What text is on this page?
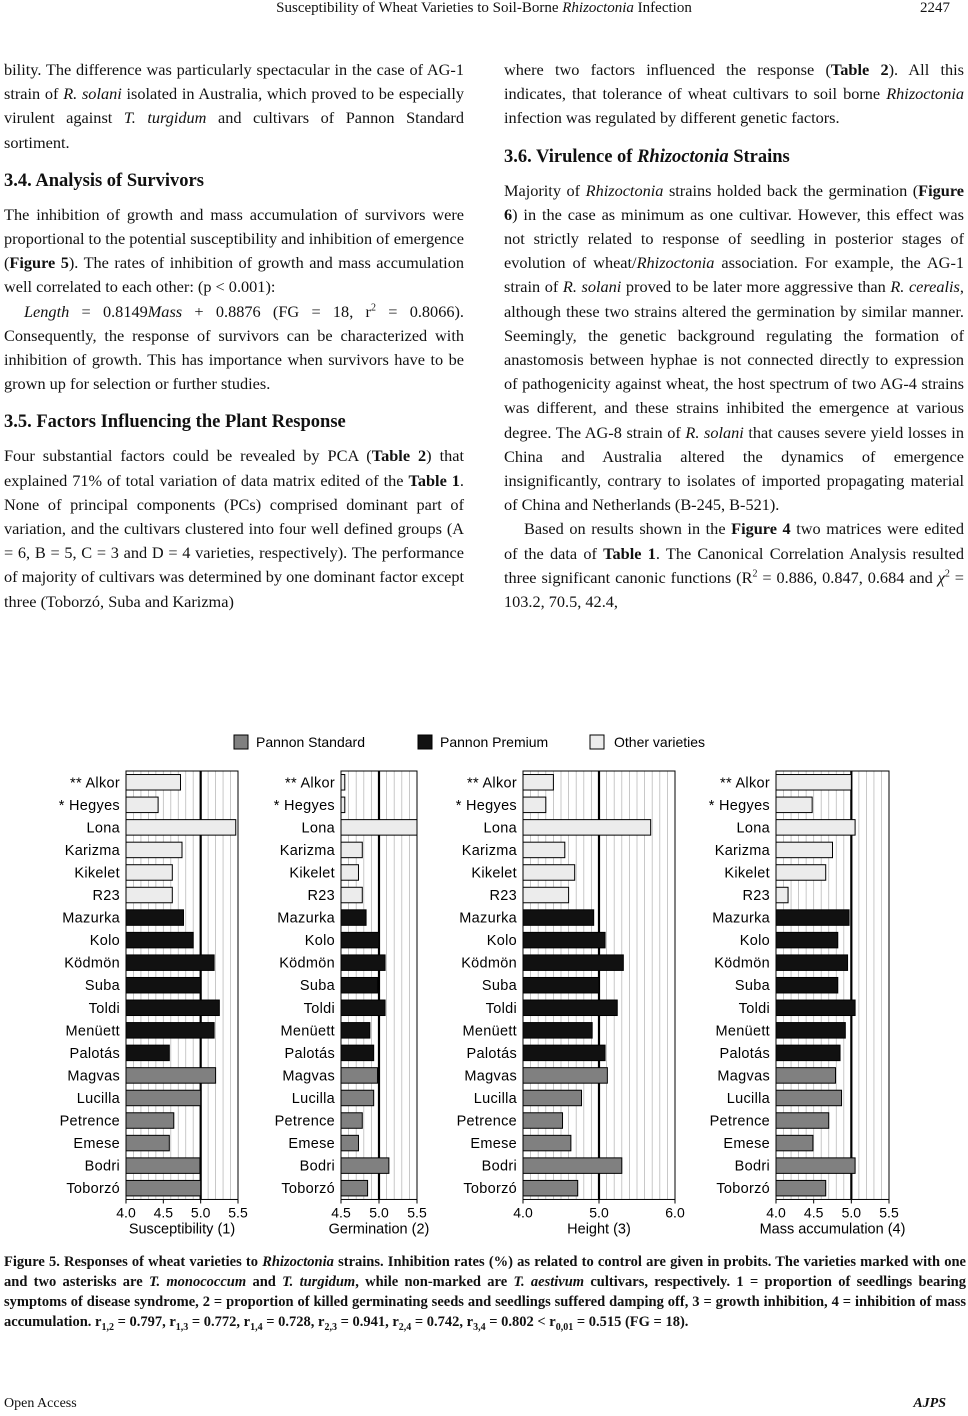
Susceptibility of Wheat Varieties to Soil-Borne Rhizoctonia Infection	2247

bility. The difference was particularly spectacular in the case of AG-1 strain of R. solani isolated in Australia, which proved to be especially virulent against T. turgidum and cultivars of Pannon Standard sortiment.

3.4. Analysis of Survivors

The inhibition of growth and mass accumulation of survivors were proportional to the potential susceptibility and inhibition of emergence (Figure 5). The rates of inhibition of growth and mass accumulation well correlated to each other: (p < 0.001):

Length = 0.8149Mass + 0.8876 (FG = 18, $r^2 = 0.8066$). Consequently, the response of survivors can be characterized with inhibition of growth. This has importance when survivors have to be grown up for selection or further studies.

3.5. Factors Influencing the Plant Response

Four substantial factors could be revealed by PCA (Table 2) that explained 71% of total variation of data matrix edited of the Table 1. None of principal components (PCs) comprised dominant part of variation, and the cultivars clustered into four well defined groups (A = 6, B = 5, C = 3 and D = 4 varieties, respectively). The performance of majority of cultivars was determined by one dominant factor except three (Toborzó, Suba and Karizma)

where two factors influenced the response (Table 2). All this indicates, that tolerance of wheat cultivars to soil borne Rhizoctonia infection was regulated by different genetic factors.

3.6. Virulence of Rhizoctonia Strains

Majority of Rhizoctonia strains holded back the germination (Figure 6) in the case as minimum as one cultivar. However, this effect was not strictly related to response of seedling in posterior stages of evolution of wheat/Rhizoctonia association. For example, the AG-1 strain of R. solani proved to be later more aggressive than R. cerealis, although these two strains altered the germination by similar manner. Seemingly, the genetic background regulating the formation of anastomosis between hyphae is not connected directly to expression of pathogenicity against wheat, the host spectrum of two AG-4 strains was different, and these strains inhibited the emergence at various degree. The AG-8 strain of R. solani that causes severe yield losses in China and Australia altered the dynamics of emergence insignificantly, contrary to isolates of imported propagating material of China and Netherlands (B-245, B-521).

Based on results shown in the Figure 4 two matrices were edited of the data of Table 1. The Canonical Correlation Analysis resulted three significant canonic functions ($R^2 = 0.886$, 0.847, 0.684 and $\chi^2 = 103.2$, 70.5, 42.4,

Pannon Standard	Pannon Premium	Other varieties
** Alkor
* Hegyes
Lona
Karizma
Kikelet
R23
Mazurka
Kolo
Ködmön
Suba
Toldi
Menüett
Palotás
Magvas
Lucilla
Petrence
Emese
Bodri
Toborzó
4.0 4.5 5.0 5.5
Susceptibility (1)
** Alkor
* Hegyes
Lona
Karizma
Kikelet
R23
Mazurka
Kolo
Ködmön
Suba
Toldi
Menüett
Palotás
Magvas
Lucilla
Petrence
Emese
Bodri
Toborzó
4.5 5.0 5.5
Germination (2)
** Alkor
* Hegyes
Lona
Karizma
Kikelet
R23
Mazurka
Kolo
Ködmön
Suba
Toldi
Menüett
Palotás
Magvas
Lucilla
Petrence
Emese
Bodri
Toborzó
4.0	5.0	6.0
Height (3)
** Alkor
* Hegyes
Lona
Karizma
Kikelet
R23
Mazurka
Kolo
Ködmön
Suba
Toldi
Menüett
Palotás
Magvas
Lucilla
Petrence
Emese
Bodri
Toborzó
4.0 4.5 5.0 5.5
Mass accumulation (4)
Figure 5. Responses of wheat varieties to Rhizoctonia strains. Inhibition rates (%) as related to control are given in probits. The varieties marked with one and two asterisks are T. monococcum and T. turgidum, while non-marked are T. aestivum cultivars, respectively. 1 = proportion of seedlings bearing symptoms of disease syndrome, 2 = proportion of killed germinating seeds and seedlings suffered damping off, 3 = growth inhibition, 4 = inhibition of mass accumulation. $r_{1,2} = 0.797$, $r_{1,3} = 0.772$, $r_{1,4} = 0.728$, $r_{2,3} = 0.941$, $r_{2,4} = 0.742$, $r_{3,4} = 0.802 < r_{0,01} = 0.515$ (FG = 18).
Open Access	AJPS
